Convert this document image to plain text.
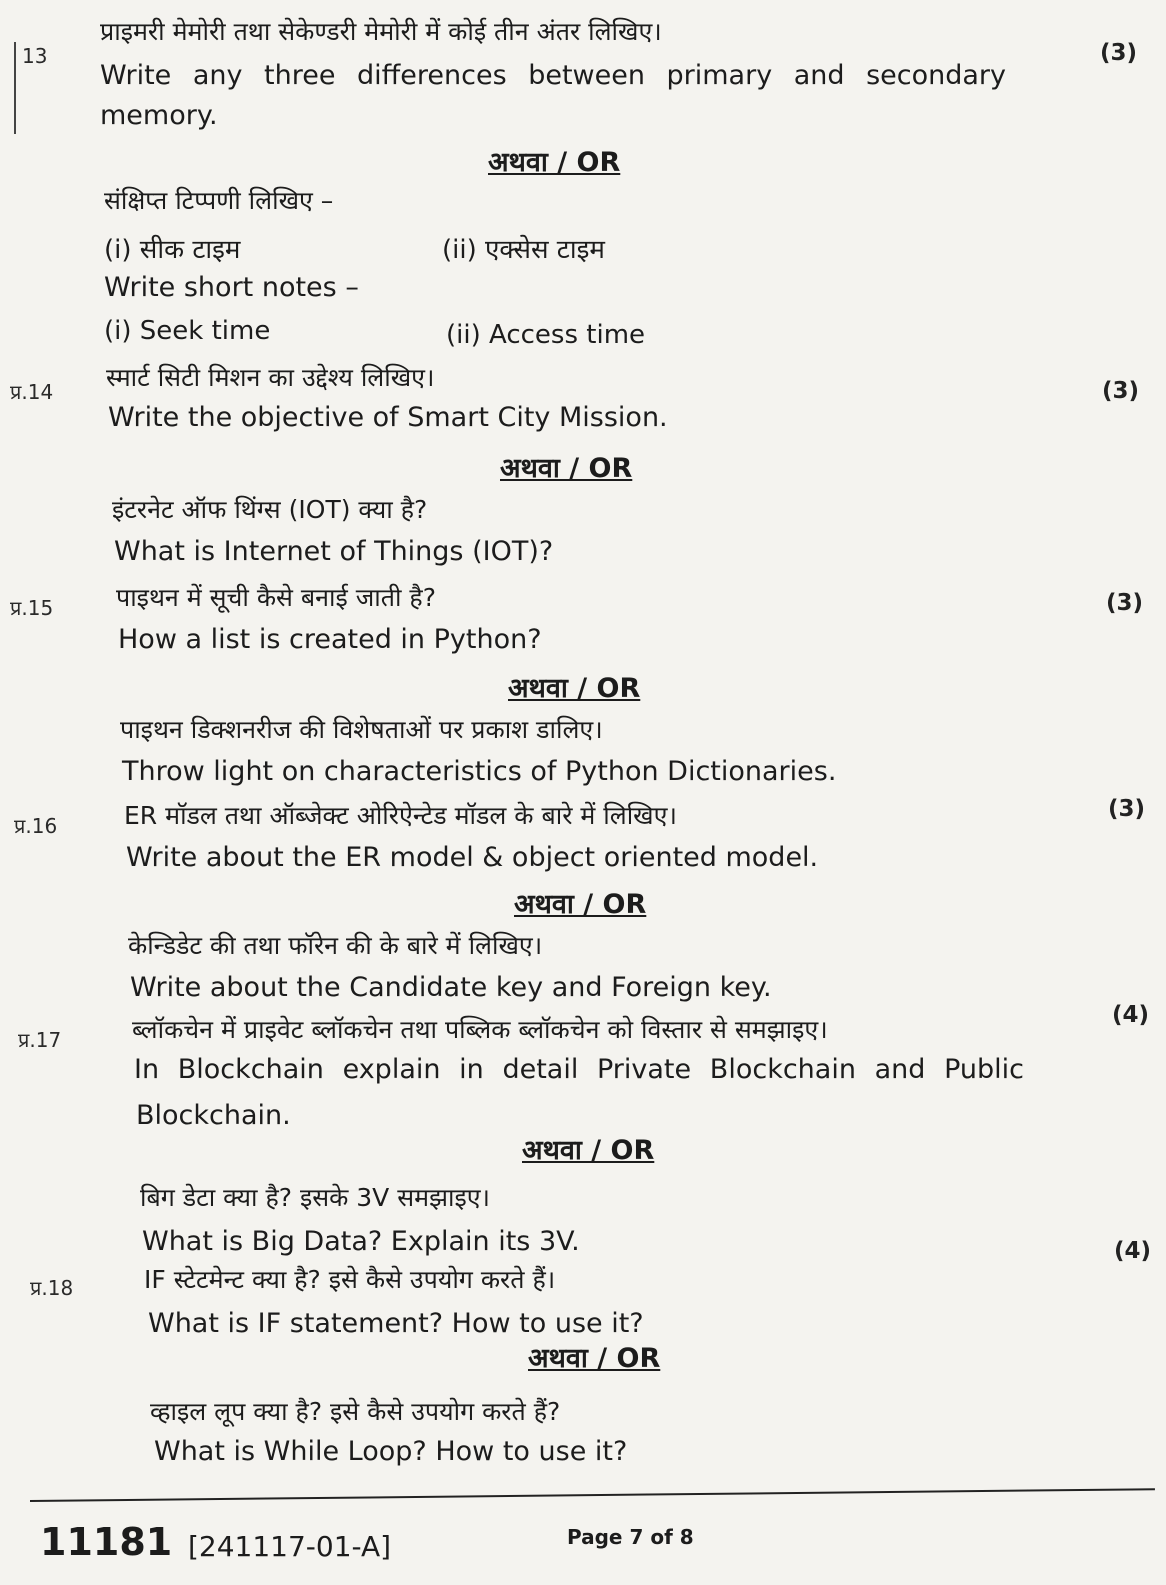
13
प्राइमरी मेमोरी तथा सेकेण्डरी मेमोरी में कोई तीन अंतर लिखिए।
(3)
Write any three differences between primary and secondary
memory.
अथवा / OR
संक्षिप्त टिप्पणी लिखिए –
(i) सीक टाइम	(ii) एक्सेस टाइम
Write short notes –
(i) Seek time	(ii) Access time
प्र.14 स्मार्ट सिटी मिशन का उद्देश्य लिखिए।	(3)
Write the objective of Smart City Mission.
अथवा / OR
इंटरनेट ऑफ थिंग्स (IOT) क्या है?
What is Internet of Things (IOT)?
प्र.15	पाइथन में सूची कैसे बनाई जाती है?	(3)
How a list is created in Python?
अथवा / OR
पाइथन डिक्शनरीज की विशेषताओं पर प्रकाश डालिए।
Throw light on characteristics of Python Dictionaries.
प्र.16	ER मॉडल तथा ऑब्जेक्ट ओरिऐन्टेड मॉडल के बारे में लिखिए।	(3)
Write about the ER model & object oriented model.
अथवा / OR
केन्डिडेट की तथा फॉरेन की के बारे में लिखिए।
Write about the Candidate key and Foreign key.
प्र.17	ब्लॉकचेन में प्राइवेट ब्लॉकचेन तथा पब्लिक ब्लॉकचेन को विस्तार से समझाइए।	(4)
In Blockchain explain in detail Private Blockchain and Public
Blockchain.
अथवा / OR
बिग डेटा क्या है? इसके 3V समझाइए।
What is Big Data? Explain its 3V.	(4)
प्र.18	IF स्टेटमेन्ट क्या है? इसे कैसे उपयोग करते हैं।
What is IF statement? How to use it?
अथवा / OR
व्हाइल लूप क्या है? इसे कैसे उपयोग करते हैं?
What is While Loop? How to use it?
11181 [241117-01-A]	Page 7 of 8
